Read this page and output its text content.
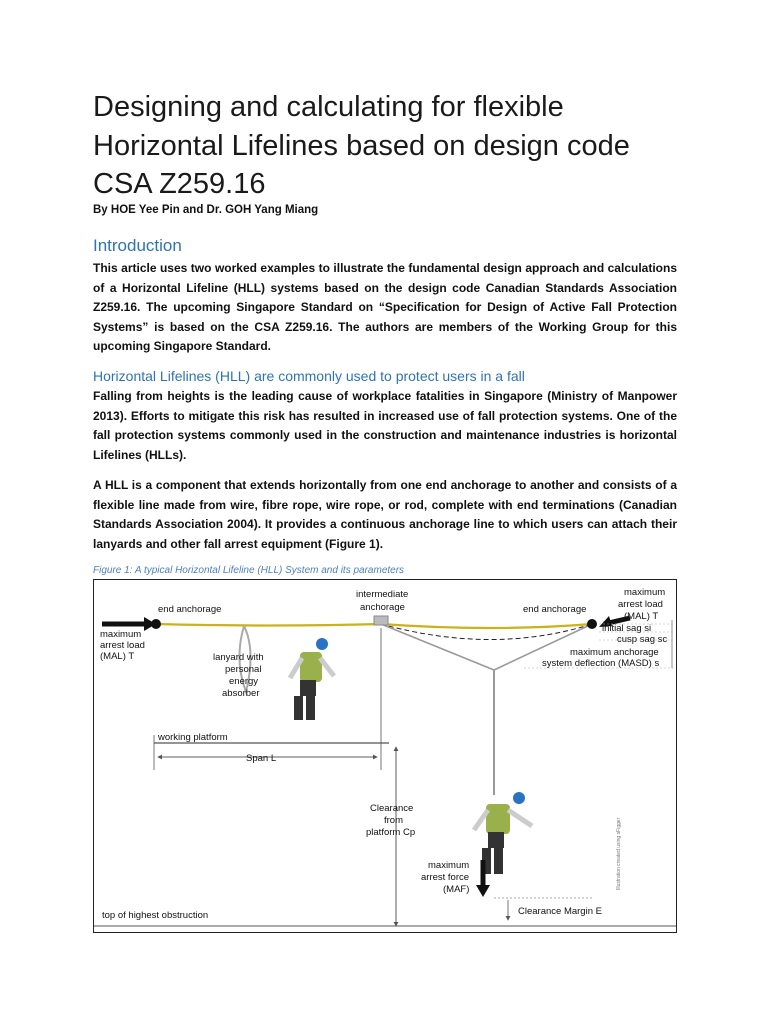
Designing and calculating for flexible Horizontal Lifelines based on design code CSA Z259.16

By HOE Yee Pin and Dr. GOH Yang Miang

Introduction

This article uses two worked examples to illustrate the fundamental design approach and calculations of a Horizontal Lifeline (HLL) systems based on the design code Canadian Standards Association Z259.16. The upcoming Singapore Standard on “Specification for Design of Active Fall Protection Systems” is based on the CSA Z259.16. The authors are members of the Working Group for this upcoming Singapore Standard.

Horizontal Lifelines (HLL) are commonly used to protect users in a fall

Falling from heights is the leading cause of workplace fatalities in Singapore (Ministry of Manpower 2013). Efforts to mitigate this risk has resulted in increased use of fall protection systems. One of the fall protection systems commonly used in the construction and maintenance industries is horizontal Lifelines (HLLs).

A HLL is a component that extends horizontally from one end anchorage to another and consists of a flexible line made from wire, fibre rope, wire rope, or rod, complete with end terminations (Canadian Standards Association 2004). It provides a continuous anchorage line to which users can attach their lanyards and other fall arrest equipment (Figure 1).

Figure 1: A typical Horizontal Lifeline (HLL) System and its parameters

maximum
arrest load
(MAL) T
end anchorage
intermediate
anchorage	end anchorage
maximum
arrest load
(MAL) T
initial sag si
cusp sag sc
maximum anchorage
system deflection (MASD) s
lanyard with
personal
energy
absorber
working platform
Span L
Clearance
from
platform Cp
maximum
arrest force
(MAF)
Clearance Margin E
top of highest obstruction
Illustration created using sFigger
